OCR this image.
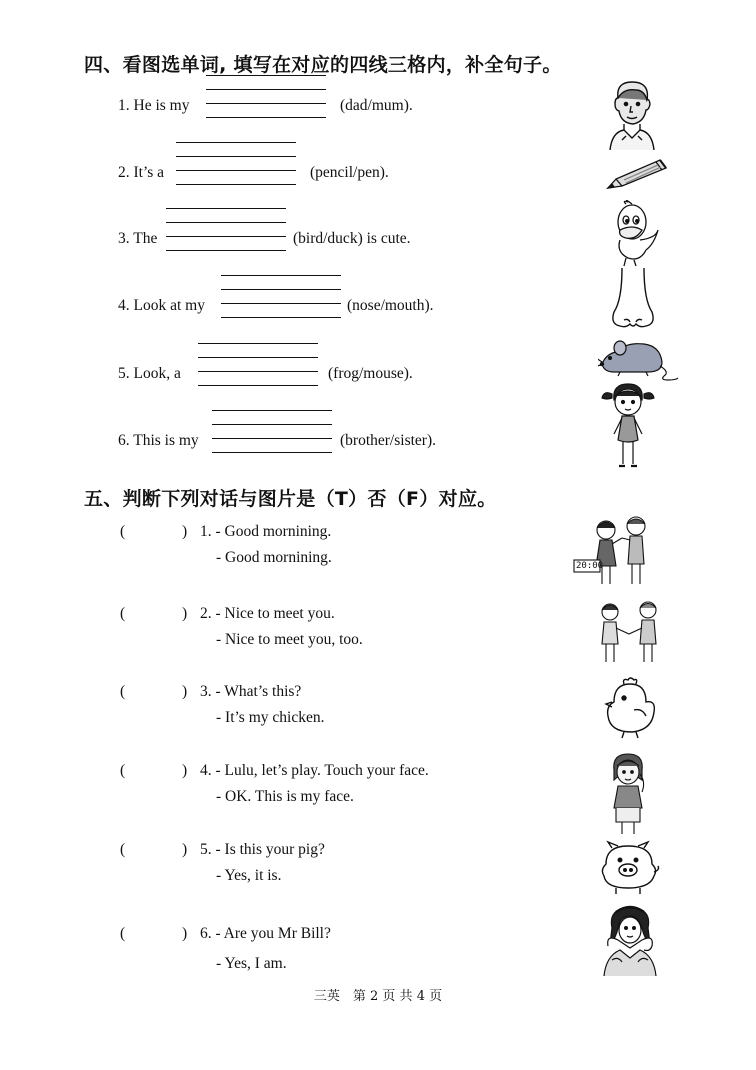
四、看图选单词, 填写在对应的四线三格内，补全句子。
1. He is my	(dad/mum).
2. It’s a	(pencil/pen).
3. The	(bird/duck) is cute.
4. Look at my	(nose/mouth).
5. Look, a	(frog/mouse).
6. This is my	(brother/sister).
五、判断下列对话与图片是（T）否（F）对应。
(	) 1. - Good mornining.
- Good mornining.
(	) 2. - Nice to meet you.
- Nice to meet you, too.
(	) 3. - What’s this?
- It’s my chicken.
(	) 4. - Lulu, let’s play. Touch your face.
- OK. This is my face.
(	) 5. - Is this your pig?
- Yes, it is.
(	) 6. - Are you Mr Bill?
- Yes, I am.
20:00
三英　第 2 页 共 4 页
